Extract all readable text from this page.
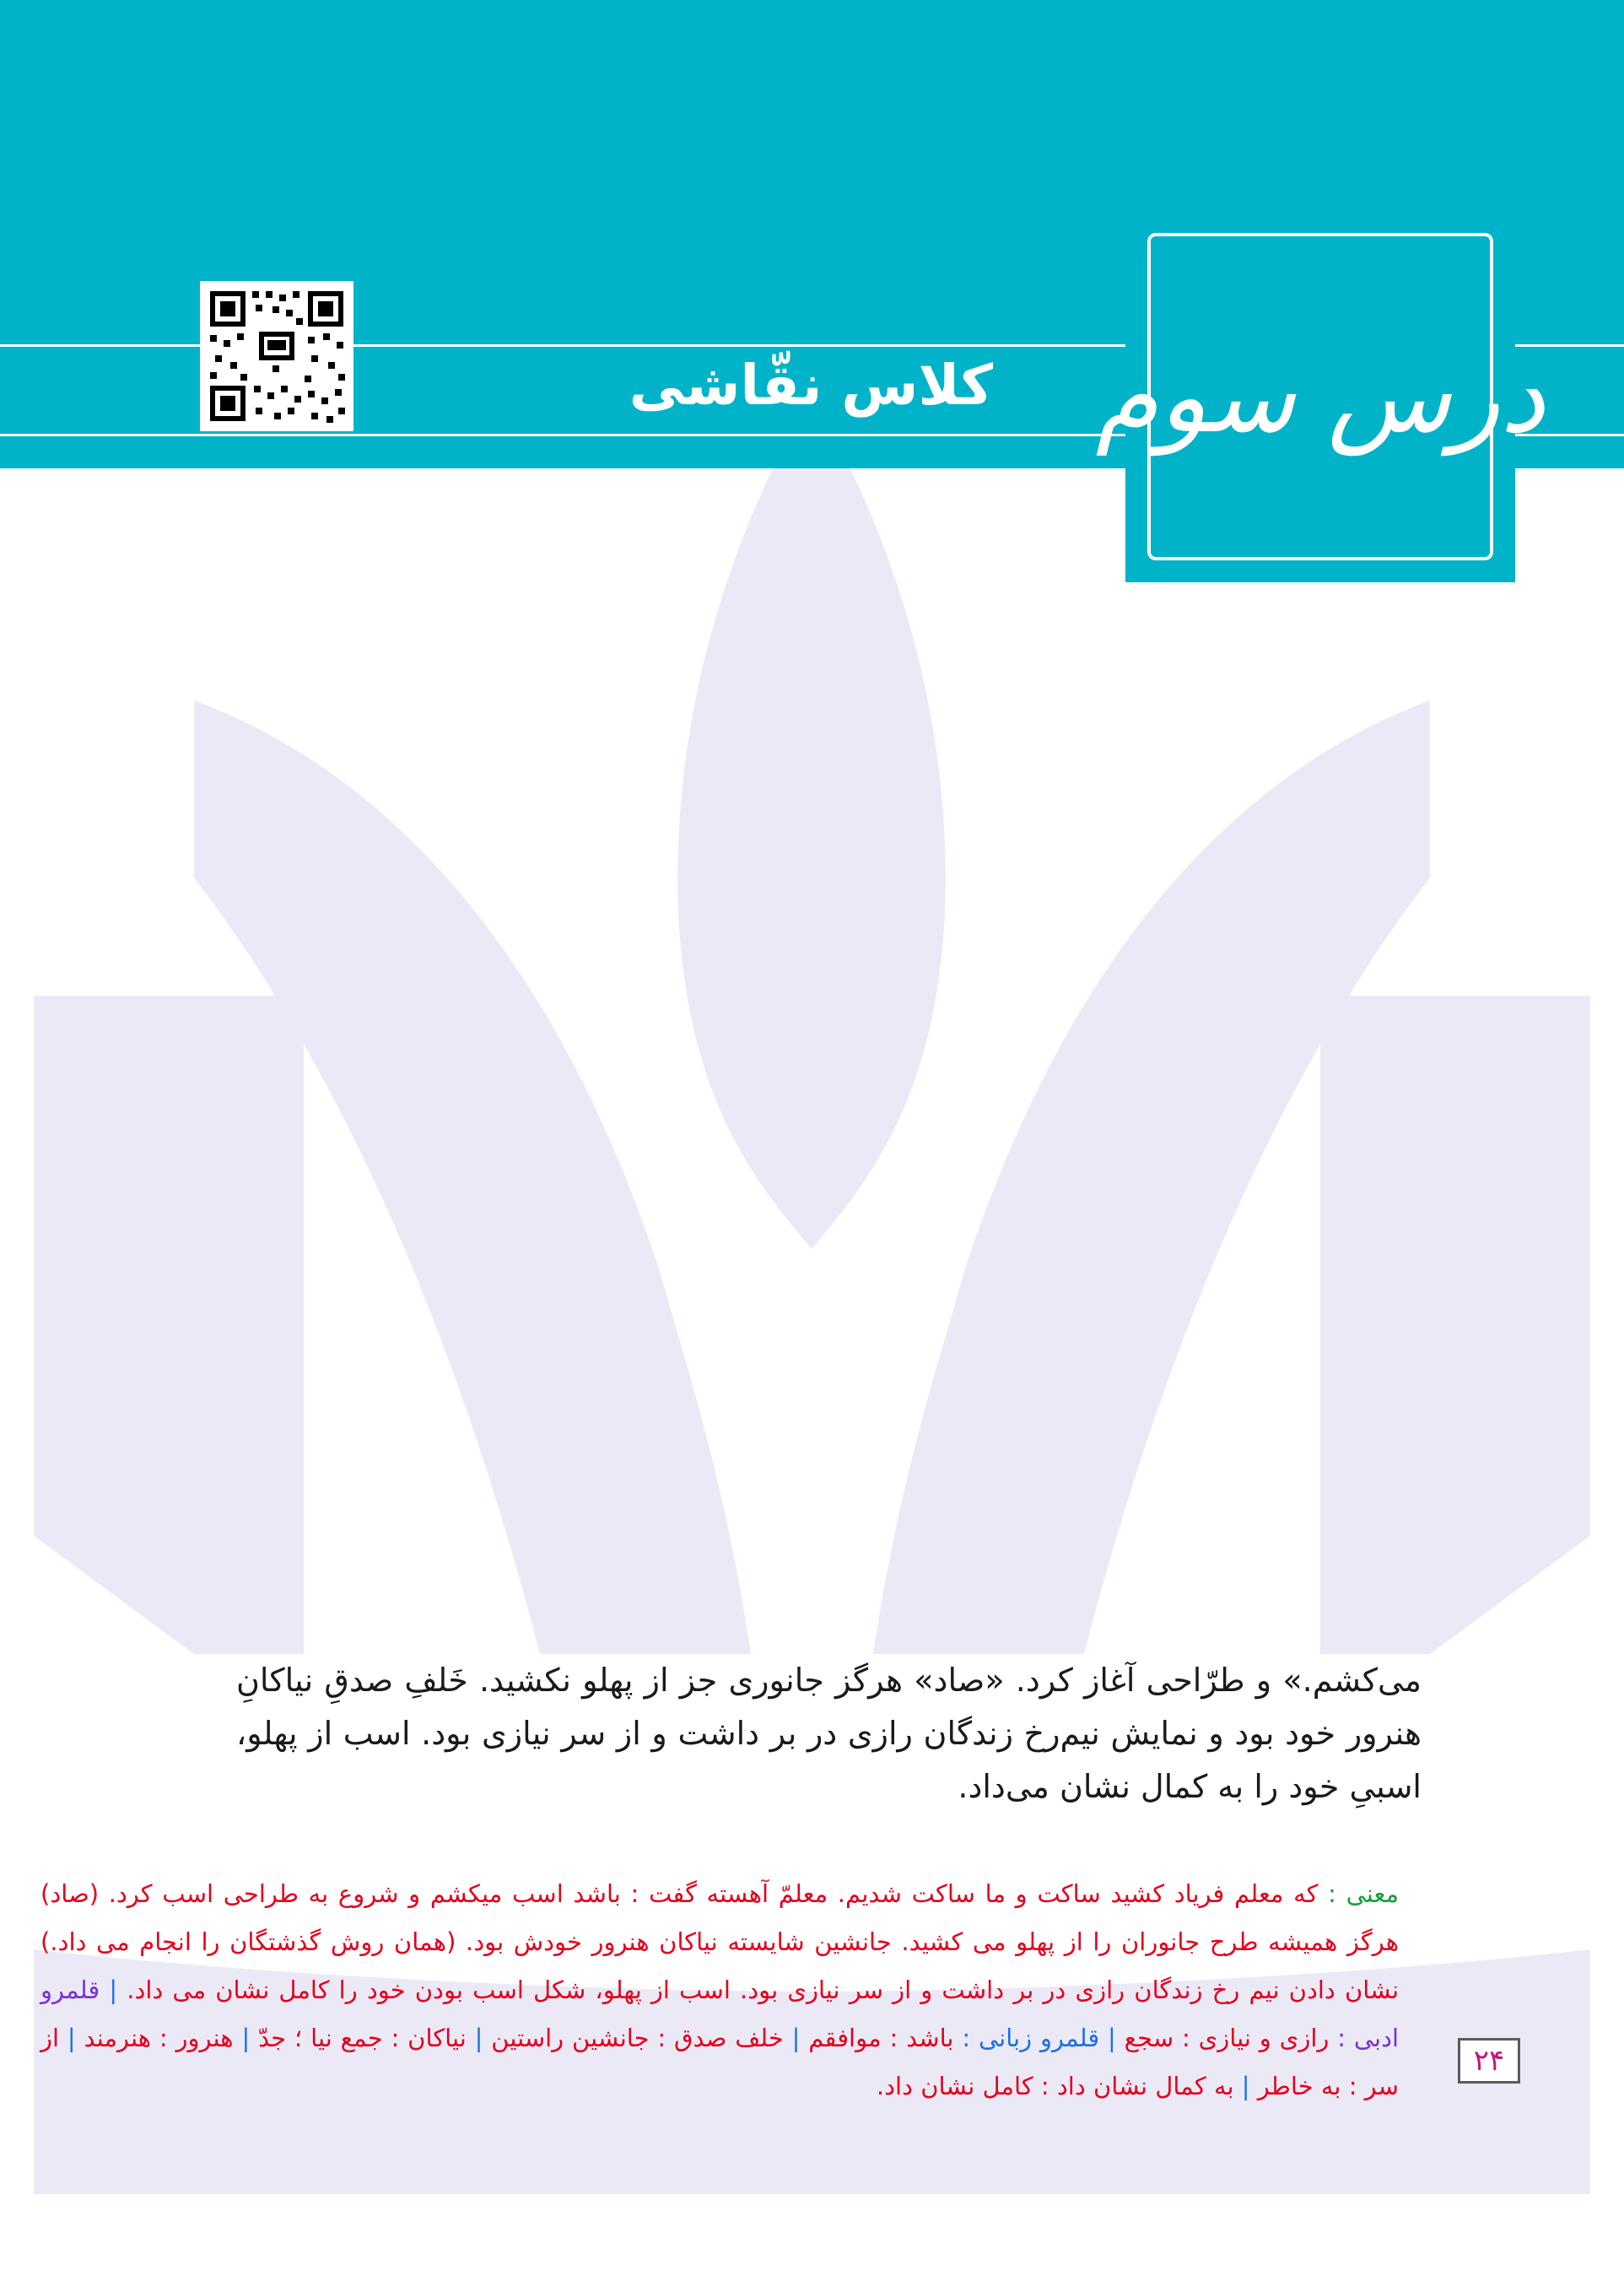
درس سوم
کلاس نقّاشی
می‌کشم.» و طرّاحی آغاز کرد. «صاد» هرگز جانوری جز از پهلو نکشید. خَلفِ صدقِ نیاکانِ هنرور خود بود و نمایش نیم‌رخ زندگان رازی در بر داشت و از سر نیازی بود. اسب از پهلو، اسبیِ خود را به کمال نشان می‌داد.
معنی : که معلم فریاد کشید ساکت و ما ساکت شدیم. معلمّ آهسته گفت : باشد اسب میکشم و شروع به طراحی اسب کرد. (صاد) هرگز همیشه طرح جانوران را از پهلو می کشید. جانشین شایسته نیاکان هنرور خودش بود. (همان روش گذشتگان را انجام می داد.) نشان دادن نیم رخ زندگان رازی در بر داشت و از سر نیازی بود. اسب از پهلو، شکل اسب بودن خود را کامل نشان می داد. | قلمرو ادبی : رازی و نیازی : سجع | قلمرو زبانی : باشد : موافقم | خلف صدق : جانشین راستین | نیاکان : جمع نیا ؛ جدّ | هنرور : هنرمند | از سر : به خاطر | به کمال نشان داد : کامل نشان داد.
۲۴
